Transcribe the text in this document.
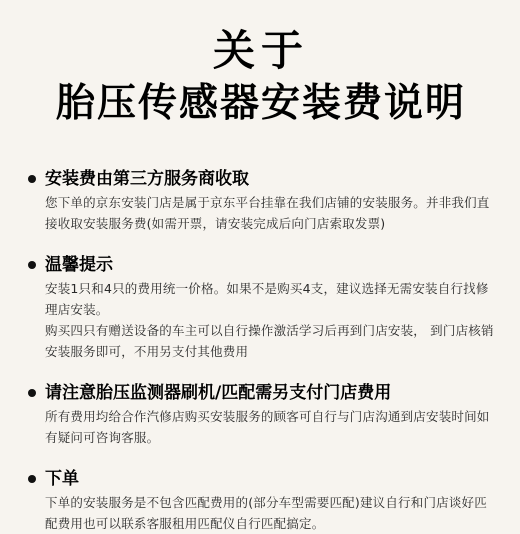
关于
胎压传感器安装费说明
安装费由第三方服务商收取

您下单的京东安装门店是属于京东平台挂靠在我们店铺的安装服务。并非我们直接收取安装服务费(如需开票，请安装完成后向门店索取发票)

温馨提示

安装1只和4只的费用统一价格。如果不是购买4支，建议选择无需安装自行找修理店安装。

购买四只有赠送设备的车主可以自行操作激活学习后再到门店安装， 到门店核销安装服务即可，不用另支付其他费用

请注意胎压监测器刷机/匹配需另支付门店费用

所有费用均给合作汽修店购买安装服务的顾客可自行与门店沟通到店安装时间如有疑问可咨询客服。

下单

下单的安装服务是不包含匹配费用的(部分车型需要匹配)建议自行和门店谈好匹配费用也可以联系客服租用匹配仪自行匹配搞定。
